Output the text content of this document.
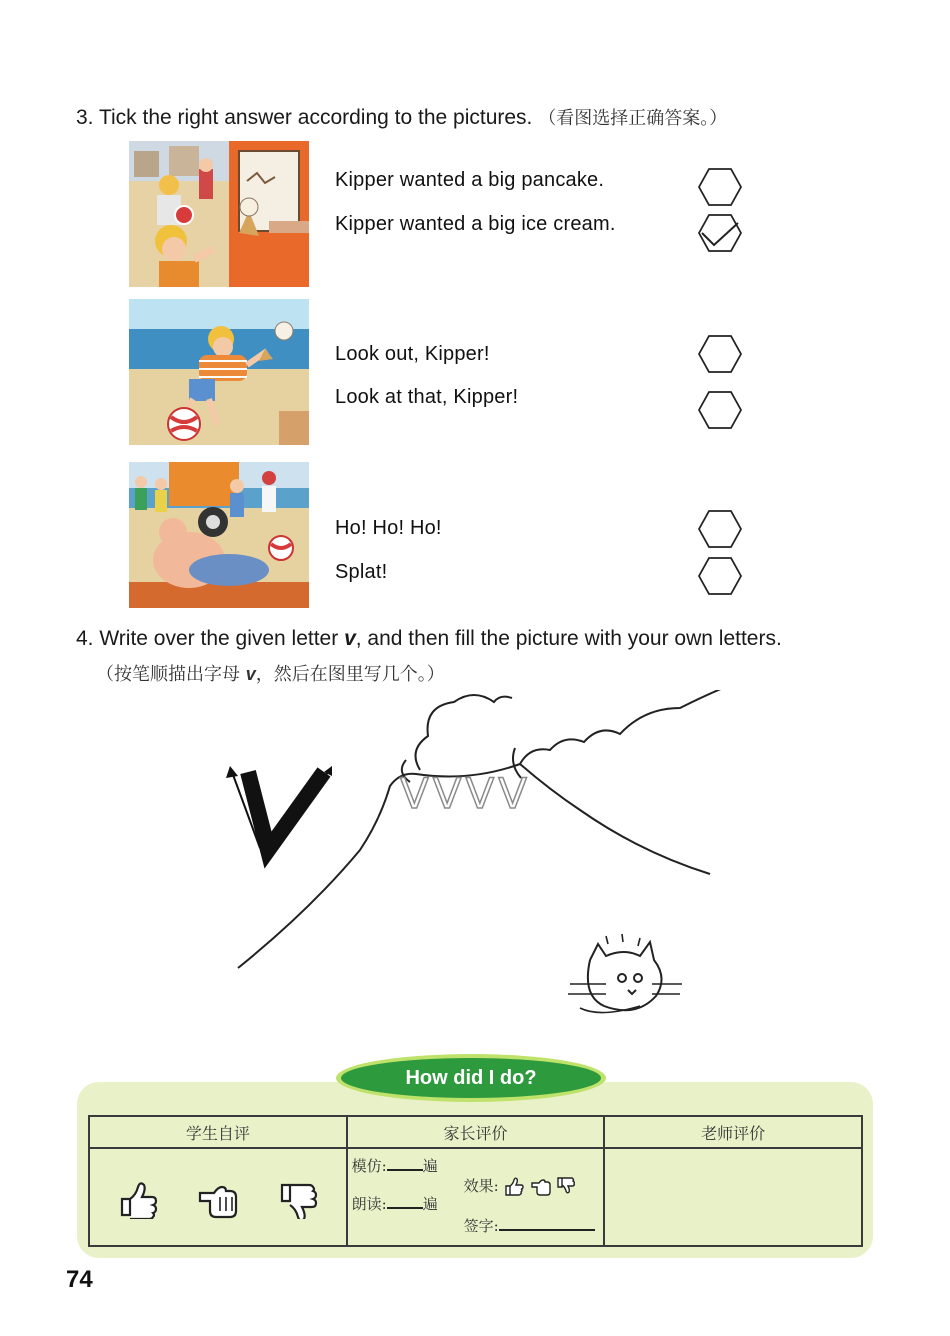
3. Tick the right answer according to the pictures. （看图选择正确答案。）
Kipper wanted a big pancake.
Kipper wanted a big ice cream.
Look out, Kipper!
Look at that, Kipper!
Ho! Ho! Ho!
Splat!
4. Write over the given letter v, and then fill the picture with your own letters.
（按笔顺描出字母 v，然后在图里写几个。）
VVVV
How did I do?
学生自评	家长评价	老师评价

模仿: 遍
朗读: 遍
效果:
签字:	

74
